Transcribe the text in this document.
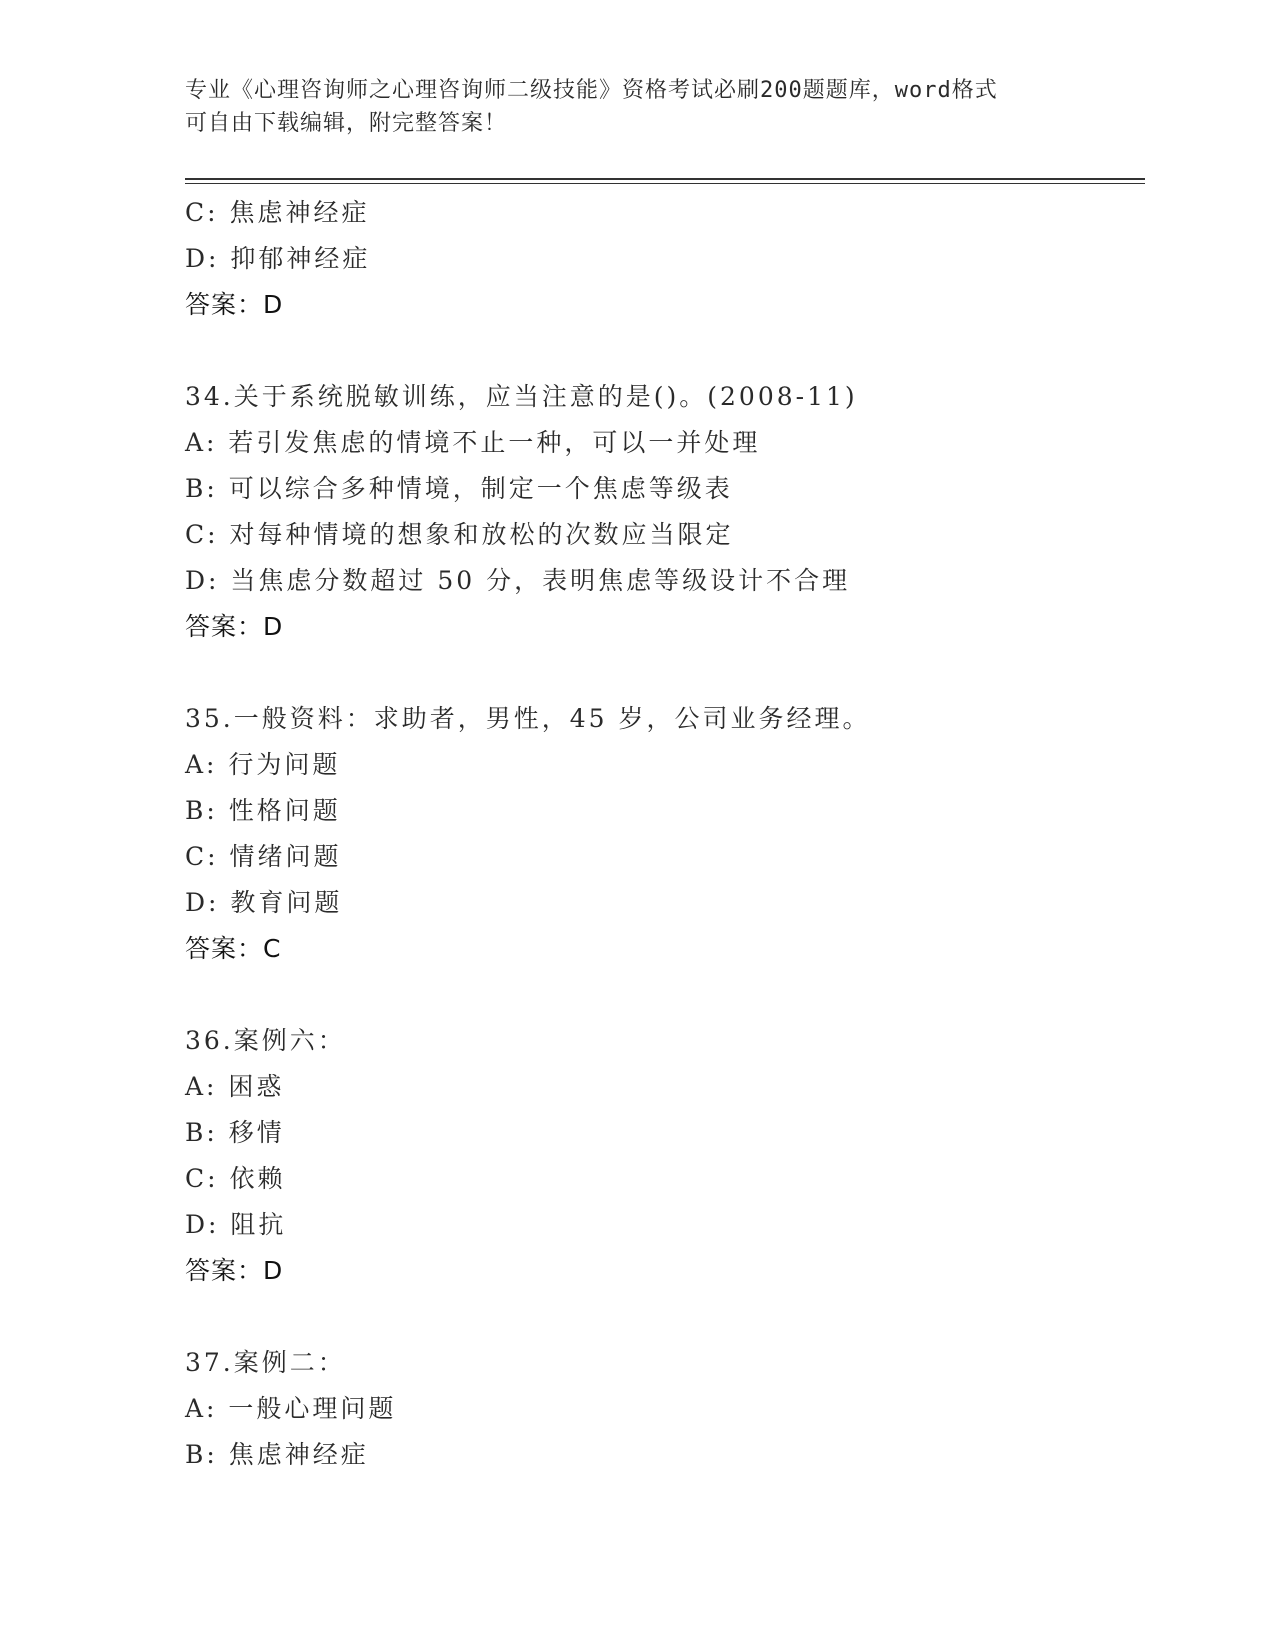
专业《心理咨询师之心理咨询师二级技能》资格考试必刷200题题库，word格式
可自由下载编辑，附完整答案！
C: 焦虑神经症
D: 抑郁神经症
答案：D
34.关于系统脱敏训练，应当注意的是()。(2008-11)
A: 若引发焦虑的情境不止一种，可以一并处理
B: 可以综合多种情境，制定一个焦虑等级表
C: 对每种情境的想象和放松的次数应当限定
D: 当焦虑分数超过 50 分，表明焦虑等级设计不合理
答案：D
35.一般资料：求助者，男性，45 岁，公司业务经理。
A: 行为问题
B: 性格问题
C: 情绪问题
D: 教育问题
答案：C
36.案例六：
A: 困惑
B: 移情
C: 依赖
D: 阻抗
答案：D
37.案例二：
A: 一般心理问题
B: 焦虑神经症
